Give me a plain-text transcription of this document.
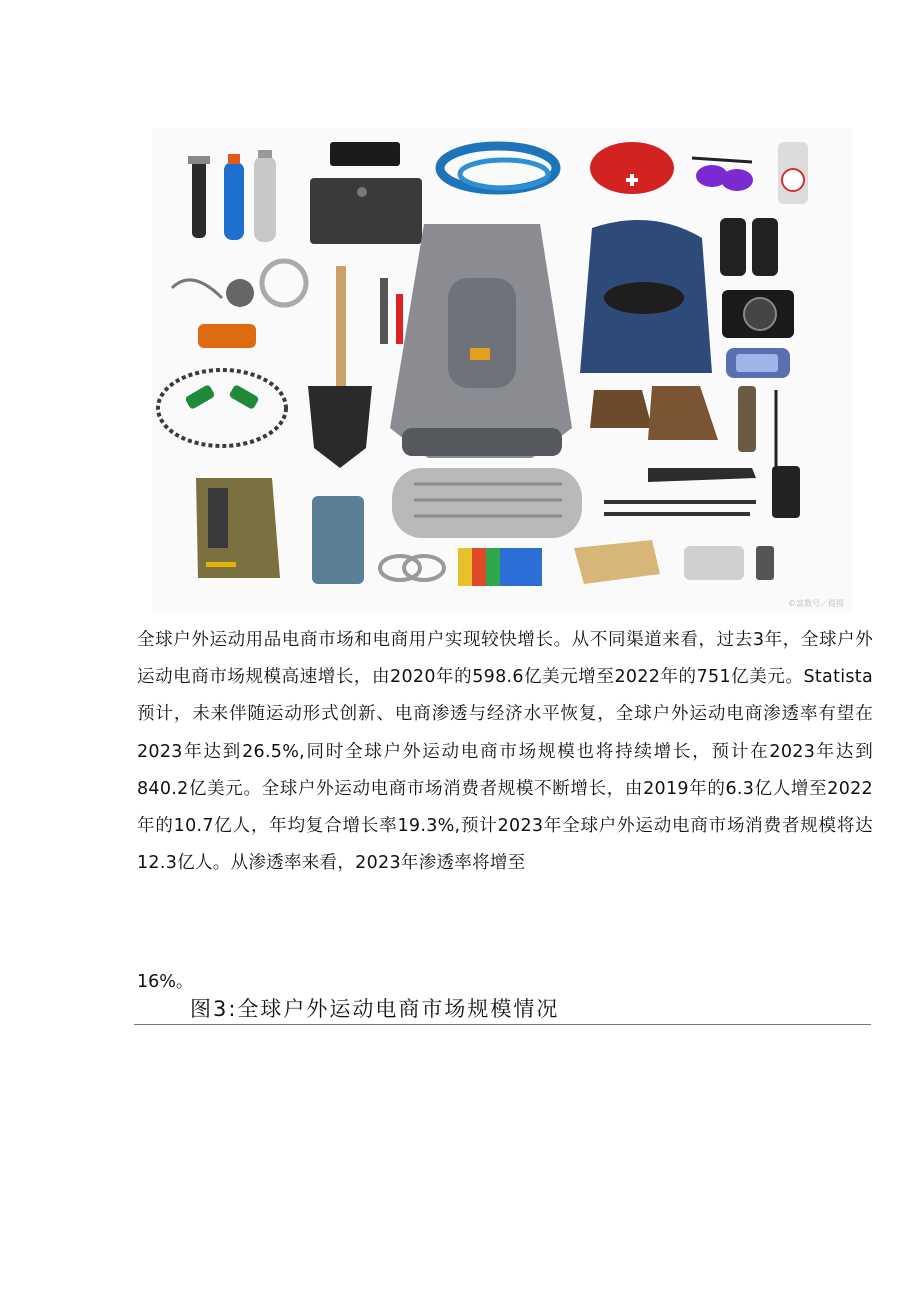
©富数号／提提

全球户外运动用品电商市场和电商用户实现较快增长。从不同渠道来看，过去3年，全球户外运动电商市场规模高速增长，由2020年的598.6亿美元增至2022年的751亿美元。Statista预计，未来伴随运动形式创新、电商渗透与经济水平恢复，全球户外运动电商渗透率有望在2023年达到26.5%,同时全球户外运动电商市场规模也将持续增长，预计在2023年达到840.2亿美元。全球户外运动电商市场消费者规模不断增长，由2019年的6.3亿人增至2022年的10.7亿人，年均复合增长率19.3%,预计2023年全球户外运动电商市场消费者规模将达12.3亿人。从渗透率来看，2023年渗透率将增至

16%。

图3:全球户外运动电商市场规模情况
